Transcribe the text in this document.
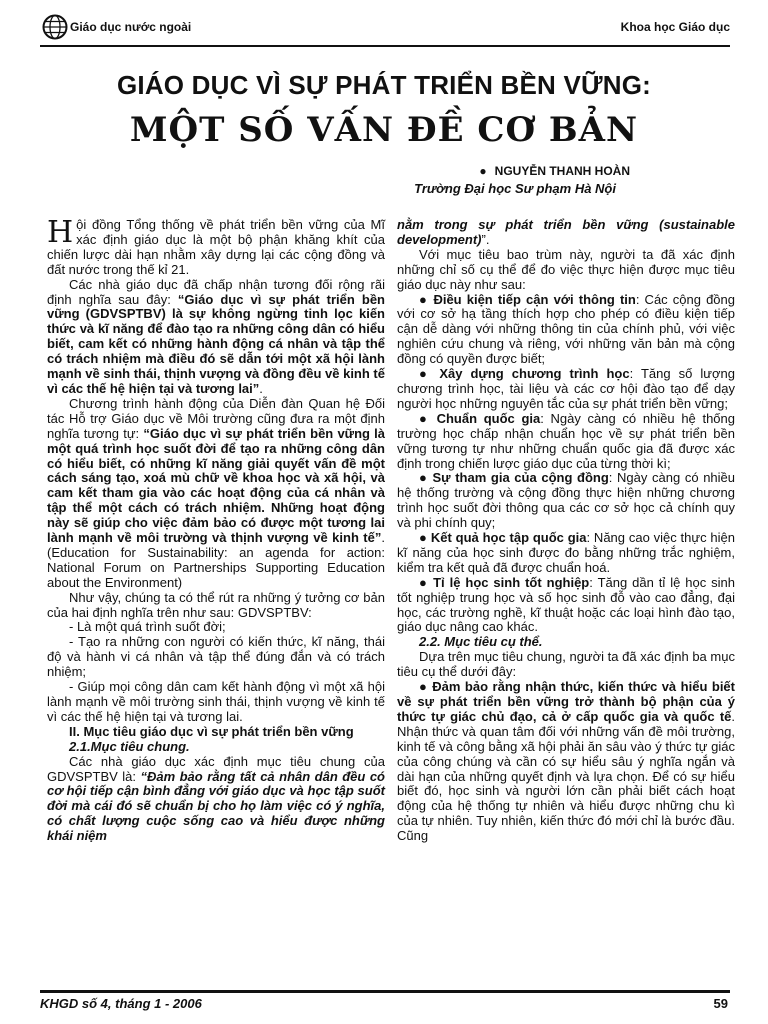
Giáo dục nước ngoài	Khoa học Giáo dục
GIÁO DỤC VÌ SỰ PHÁT TRIỂN BỀN VỮNG:
MỘT SỐ VẤN ĐỀ CƠ BẢN
● NGUYỄN THANH HOÀN
Trường Đại học Sư phạm Hà Nội

Hội đồng Tổng thống về phát triển bền vững của Mĩ xác định giáo dục là một bộ phận khăng khít của chiến lược dài hạn nhằm xây dựng lại các cộng đồng và đất nước trong thế kỉ 21.

Các nhà giáo dục đã chấp nhận tương đối rộng rãi định nghĩa sau đây: “Giáo dục vì sự phát triển bền vững (GDVSPTBV) là sự không ngừng tinh lọc kiến thức và kĩ năng để đào tạo ra những công dân có hiểu biết, cam kết có những hành động cá nhân và tập thể có trách nhiệm mà điều đó sẽ dẫn tới một xã hội lành mạnh về sinh thái, thịnh vượng và đồng đều về kinh tế vì các thế hệ hiện tại và tương lai”.

Chương trình hành động của Diễn đàn Quan hệ Đối tác Hỗ trợ Giáo dục về Môi trường cũng đưa ra một định nghĩa tương tự: “Giáo dục vì sự phát triển bền vững là một quá trình học suốt đời để tạo ra những công dân có hiểu biết, có những kĩ năng giải quyết vấn đề một cách sáng tạo, xoá mù chữ về khoa học và xã hội, và cam kết tham gia vào các hoạt động của cá nhân và tập thể một cách có trách nhiệm. Những hoạt động này sẽ giúp cho việc đảm bảo có được một tương lai lành mạnh về môi trường và thịnh vượng về kinh tế”. (Education for Sustainability: an agenda for action: National Forum on Partnerships Supporting Education about the Environment)

Như vậy, chúng ta có thể rút ra những ý tưởng cơ bản của hai định nghĩa trên như sau: GDVSPTBV:

- Là một quá trình suốt đời;

- Tạo ra những con người có kiến thức, kĩ năng, thái độ và hành vi cá nhân và tập thể đúng đắn và có trách nhiệm;

- Giúp mọi công dân cam kết hành động vì một xã hội lành mạnh về môi trường sinh thái, thịnh vượng về kinh tế vì các thế hệ hiện tại và tương lai.

II. Mục tiêu giáo dục vì sự phát triển bền vững

2.1.Mục tiêu chung.

Các nhà giáo dục xác định mục tiêu chung của GDVSPTBV là: “Đảm bảo rằng tất cả nhân dân đều có cơ hội tiếp cận bình đẳng với giáo dục và học tập suốt đời mà cái đó sẽ chuẩn bị cho họ làm việc có ý nghĩa, có chất lượng cuộc sống cao và hiểu được những khái niệm

nằm trong sự phát triển bền vững (sustainable development)”.

Với mục tiêu bao trùm này, người ta đã xác định những chỉ số cụ thể để đo việc thực hiện được mục tiêu giáo dục này như sau:

● Điều kiện tiếp cận với thông tin: Các cộng đồng với cơ sở hạ tầng thích hợp cho phép có điều kiện tiếp cận dễ dàng với những thông tin của chính phủ, với việc nghiên cứu chung và riêng, với những văn bản mà cộng đồng có quyền được biết;

● Xây dựng chương trình học: Tăng số lượng chương trình học, tài liệu và các cơ hội đào tạo để dạy người học những nguyên tắc của sự phát triển bền vững;

● Chuẩn quốc gia: Ngày càng có nhiều hệ thống trường học chấp nhận chuẩn học về sự phát triển bền vững tương tự như những chuẩn quốc gia đã được xác định trong chiến lược giáo dục của từng thời kì;

● Sự tham gia của cộng đồng: Ngày càng có nhiều hệ thống trường và cộng đồng thực hiện những chương trình học suốt đời thông qua các cơ sở học cả chính quy và phi chính quy;

● Kết quả học tập quốc gia: Năng cao việc thực hiện kĩ năng của học sinh được đo bằng những trắc nghiệm, kiểm tra kết quả đã được chuẩn hoá.

● Tỉ lệ học sinh tốt nghiệp: Tăng dần tỉ lệ học sinh tốt nghiệp trung học và số học sinh đỗ vào cao đẳng, đại học, các trường nghề, kĩ thuật hoặc các loại hình đào tạo, giáo dục nâng cao khác.

2.2. Mục tiêu cụ thể.

Dựa trên mục tiêu chung, người ta đã xác định ba mục tiêu cụ thể dưới đây:

● Đảm bảo rằng nhận thức, kiến thức và hiểu biết về sự phát triển bền vững trở thành bộ phận của ý thức tự giác chủ đạo, cả ở cấp quốc gia và quốc tế. Nhận thức và quan tâm đối với những vấn đề môi trường, kinh tế và công bằng xã hội phải ăn sâu vào ý thức tự giác của công chúng và cần có sự hiểu sâu ý nghĩa ngắn và dài hạn của những quyết định và lựa chọn. Để có sự hiểu biết đó, học sinh và người lớn cần phải biết cách hoạt động của hệ thống tự nhiên và hiểu được những chu kì của tự nhiên. Tuy nhiên, kiến thức đó mới chỉ là bước đầu. Cũng

KHGD số 4, tháng 1 - 2006	59
